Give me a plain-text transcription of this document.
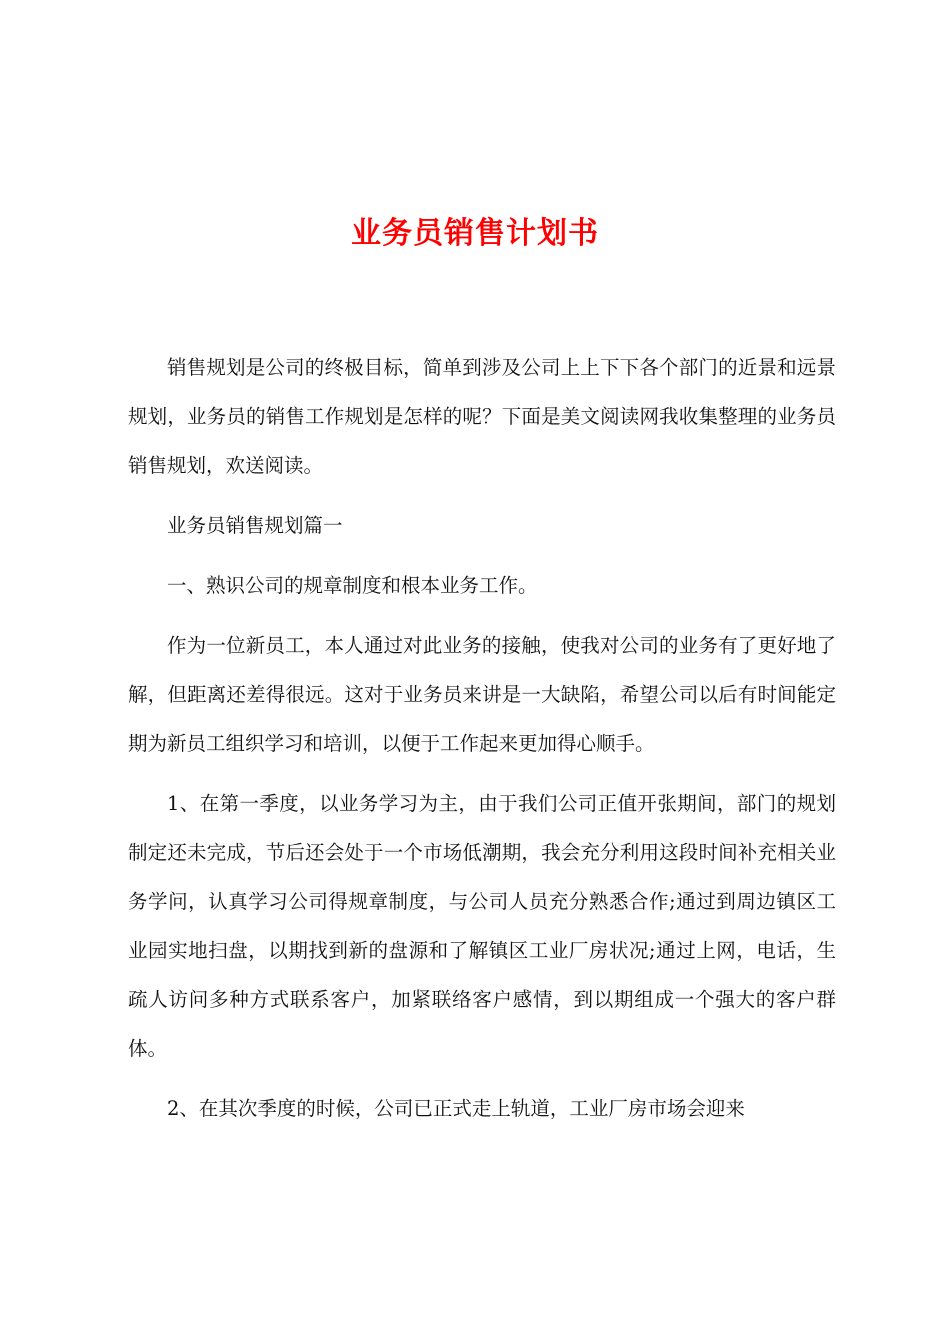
业务员销售计划书

销售规划是公司的终极目标，简单到涉及公司上上下下各个部门的近景和远景规划，业务员的销售工作规划是怎样的呢？下面是美文阅读网我收集整理的业务员销售规划，欢送阅读。

业务员销售规划篇一

一、熟识公司的规章制度和根本业务工作。

作为一位新员工，本人通过对此业务的接触，使我对公司的业务有了更好地了解，但距离还差得很远。这对于业务员来讲是一大缺陷，希望公司以后有时间能定期为新员工组织学习和培训，以便于工作起来更加得心顺手。

1、在第一季度，以业务学习为主，由于我们公司正值开张期间，部门的规划制定还未完成，节后还会处于一个市场低潮期，我会充分利用这段时间补充相关业务学问，认真学习公司得规章制度，与公司人员充分熟悉合作;通过到周边镇区工业园实地扫盘，以期找到新的盘源和了解镇区工业厂房状况;通过上网，电话，生疏人访问多种方式联系客户，加紧联络客户感情，到以期组成一个强大的客户群体。

2、在其次季度的时候，公司已正式走上轨道，工业厂房市场会迎来
